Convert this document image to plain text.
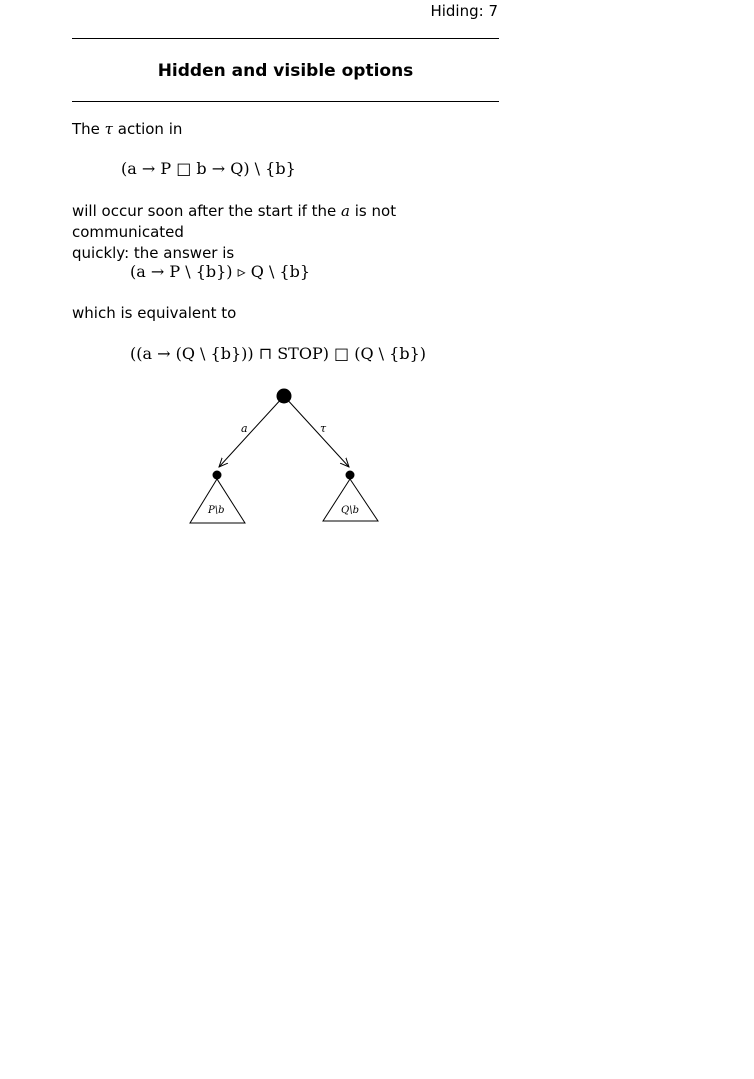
Hiding: 7
Hidden and visible options
The τ action in
(a → P □ b → Q) \ {b}
will occur soon after the start if the a is not communicated
quickly: the answer is
(a → P \ {b}) ▹ Q \ {b}
which is equivalent to
((a → (Q \ {b})) ⊓ STOP) □ (Q \ {b})
a	τ
P\b	Q\b
